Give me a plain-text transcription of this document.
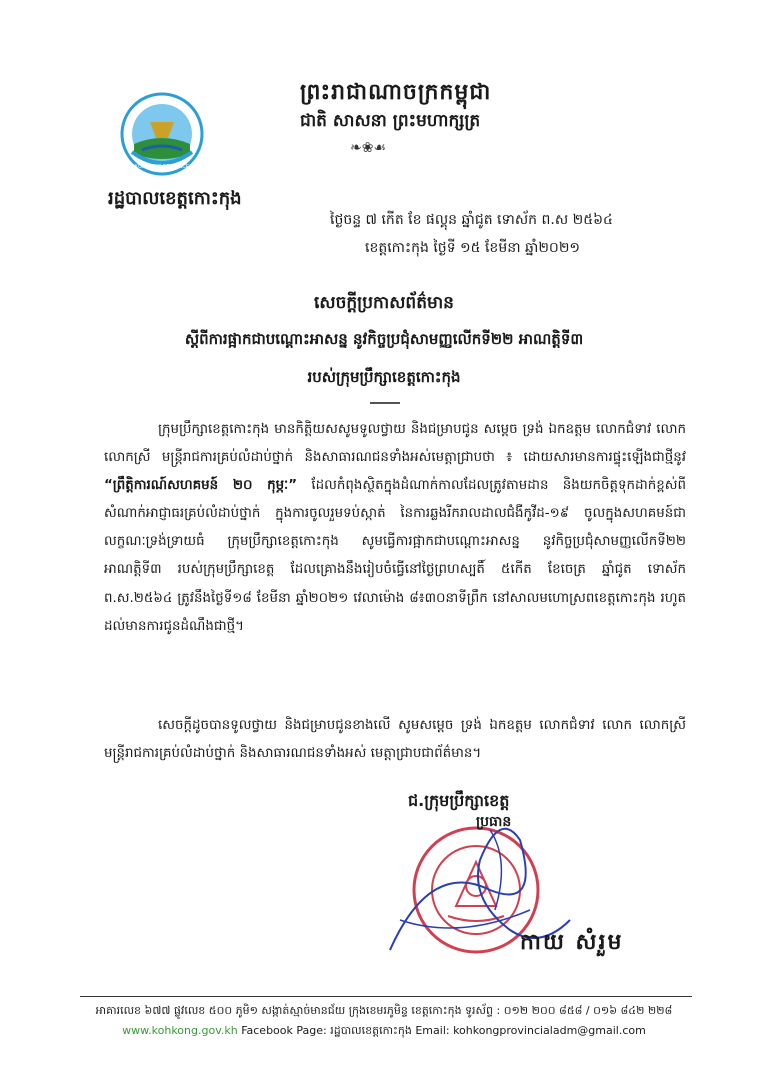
ព្រះរាជាណាចក្រកម្ពុជា
ជាតិ សាសនា ព្រះមហាក្សត្រ
❧❀☙
KOH KONG PROVINCE
រដ្ឋបាលខេត្តកោះកុង
ថ្ងៃចន្ទ ៧ កើត ខែ ផល្គុន ឆ្នាំជូត ទោស័ក ព.ស ២៥៦៤
ខេត្តកោះកុង ថ្ងៃទី ១៥ ខែមីនា ឆ្នាំ២០២១
សេចក្តីប្រកាសព័ត៌មាន
ស្តីពីការផ្អាកជាបណ្តោះអាសន្ន នូវកិច្ចប្រជុំសាមញ្ញលើកទី២២ អាណត្តិទី៣
របស់ក្រុមប្រឹក្សាខេត្តកោះកុង
ក្រុមប្រឹក្សាខេត្តកោះកុង មានកិត្តិយសសូមទូលថ្វាយ និងជម្រាបជូន សម្តេច ទ្រង់ ឯកឧត្តម លោកជំទាវ លោក លោកស្រី មន្ត្រីរាជការគ្រប់លំដាប់ថ្នាក់ និងសាធារណជនទាំងអស់មេត្តាជ្រាបថា ៖ ដោយសារមានការផ្ទុះឡើងជាថ្មីនូវ “ព្រឹត្តិការណ៍សហគមន៍ ២០ កុម្ភៈ” ដែលកំពុងស្ថិតក្នុងដំណាក់កាលដែលត្រូវតាមដាន និងយកចិត្តទុកដាក់ខ្ពស់ពីសំណាក់អាជ្ញាធរគ្រប់លំដាប់ថ្នាក់ ក្នុងការចូលរួមទប់ស្កាត់ នៃការឆ្លងរីករាលដាលជំងឺកូវីដ-១៩ ចូលក្នុងសហគមន៍ជាលក្ខណៈទ្រង់ទ្រាយធំ ក្រុមប្រឹក្សាខេត្តកោះកុង សូមធ្វើការផ្អាកជាបណ្តោះអាសន្ន នូវកិច្ចប្រជុំសាមញ្ញលើកទី២២ អាណត្តិទី៣ របស់ក្រុមប្រឹក្សាខេត្ត ដែលគ្រោងនឹងរៀបចំធ្វើនៅថ្ងៃព្រហស្បតិ៍ ៥កើត ខែចេត្រ ឆ្នាំជូត ទោស័ក ព.ស.២៥៦៤ ត្រូវនឹងថ្ងៃទី១៨ ខែមីនា ឆ្នាំ២០២១ វេលាម៉ោង ៨៖៣០នាទីព្រឹក នៅសាលមហោស្រពខេត្តកោះកុង រហូតដល់មានការជូនដំណឹងជាថ្មី។
សេចក្តីដូចបានទូលថ្វាយ និងជម្រាបជូនខាងលើ សូមសម្តេច ទ្រង់ ឯកឧត្តម លោកជំទាវ លោក លោកស្រី មន្ត្រីរាជការគ្រប់លំដាប់ថ្នាក់ និងសាធារណជនទាំងអស់ មេត្តាជ្រាបជាព័ត៌មាន។
ជ.ក្រុមប្រឹក្សាខេត្ត
ប្រធាន
កាយ សំរួម
អាគារលេខ ៦៧៧ ផ្លូវលេខ ៥០០ ភូមិ១ សង្កាត់ស្មាច់មានជ័យ ក្រុងខេមរភូមិន្ទ ខេត្តកោះកុង ទូរស័ព្ទ : ០១២ ២០០ ៨៥៨ / ០១៦ ៨៤២ ២២៨
www.kohkong.gov.kh Facebook Page: រដ្ឋបាលខេត្តកោះកុង Email: kohkongprovincialadm@gmail.com
